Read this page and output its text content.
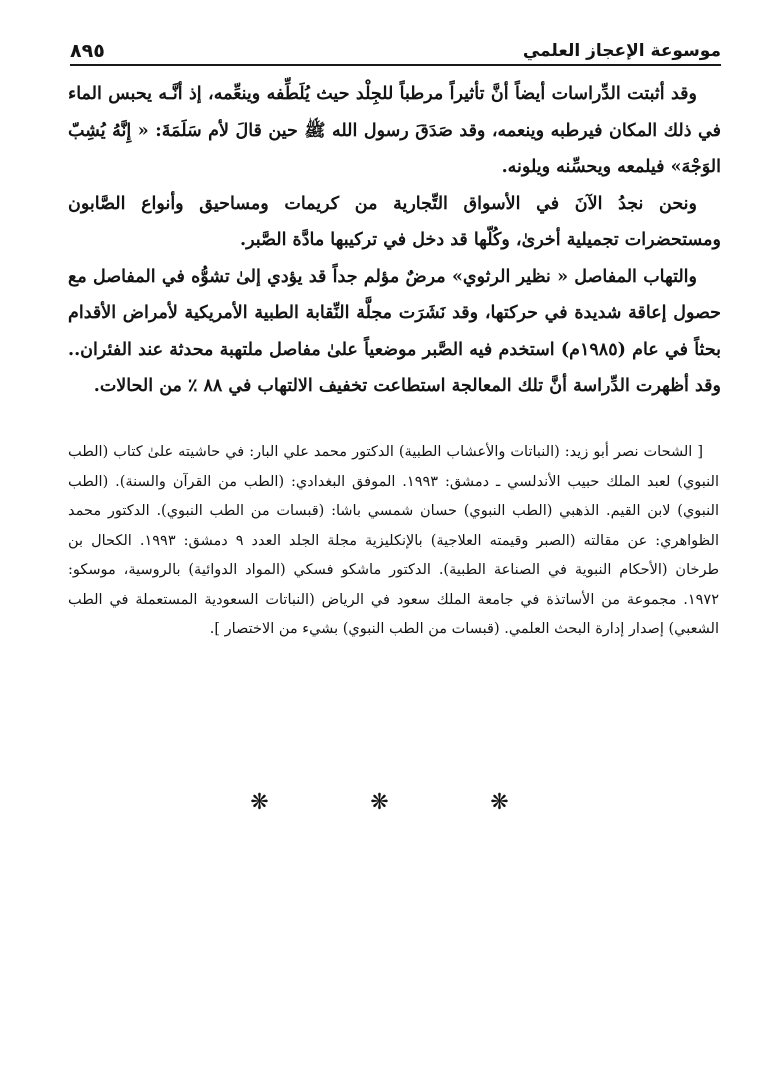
موسوعة الإعجاز العلمي
٨٩٥

وقد أثبتت الدِّراسات أيضاً أنَّ تأثيراً مرطباً للجِلْد حيث يُلَطِّفه وينعِّمه، إذ أنَّـه يحبس الماء في ذلك المكان فيرطبه وينعمه، وقد صَدَقَ رسول الله ﷺ حين قالَ لأم سَلَمَةَ: « إِنَّهُ يُشِبّ الوَجْهَ» فيلمعه ويحسِّنه ويلونه.

ونحن نجدُ الآنَ في الأسواق التِّجارية من كريمات ومساحيق وأنواع الصَّابون ومستحضرات تجميلية أخرىٰ، وكُلّها قد دخل في تركيبها مادَّة الصَّبر.

والتهاب المفاصل « نظير الرثوي» مرضٌ مؤلم جداً قد يؤدي إلىٰ تشوُّه في المفاصل مع حصول إعاقة شديدة في حركتها، وقد نَشَرَت مجلَّة النِّقابة الطبية الأمريكية لأمراض الأقدام بحثاً في عام (١٩٨٥م) استخدم فيه الصَّبر موضعياً علىٰ مفاصل ملتهبة محدثة عند الفئران.. وقد أظهرت الدِّراسة أنَّ تلك المعالجة استطاعت تخفيف الالتهاب في ٨٨ ٪ من الحالات.

[ الشحات نصر أبو زيد: (النباتات والأعشاب الطبية) الدكتور محمد علي البار: في حاشيته علىٰ كتاب (الطب النبوي) لعبد الملك حبيب الأندلسي ـ دمشق: ١٩٩٣. الموفق البغدادي: (الطب من القرآن والسنة). (الطب النبوي) لابن القيم. الذهبي (الطب النبوي) حسان شمسي باشا: (قبسات من الطب النبوي). الدكتور محمد الظواهري: عن مقالته (الصبر وقيمته العلاجية) بالإنكليزية مجلة الجلد العدد ٩ دمشق: ١٩٩٣. الكحال بن طرخان (الأحكام النبوية في الصناعة الطبية). الدكتور ماشكو فسكي (المواد الدوائية) بالروسية، موسكو: ١٩٧٢. مجموعة من الأساتذة في جامعة الملك سعود في الرياض (النباتات السعودية المستعملة في الطب الشعبي) إصدار إدارة البحث العلمي. (قبسات من الطب النبوي) بشيء من الاختصار ].

❋	❋	❋
